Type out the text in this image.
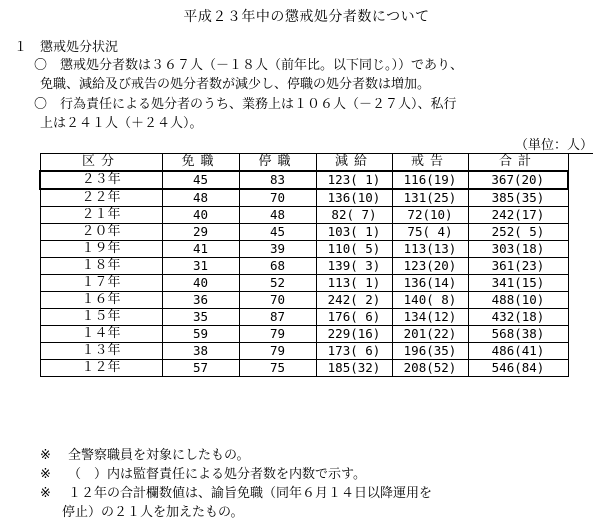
平成２３年中の懲戒処分者数について
１　懲戒処分状況
〇　懲戒処分者数は３６７人（－１８人（前年比。以下同じ。））であり、
免職、減給及び戒告の処分者数が減少し、停職の処分者数は増加。
〇　行為責任による処分者のうち、業務上は１０６人（－２７人）、私行
上は２４１人（＋２４人）。
（単位：人）
区分	免職	停職	減給	戒告	合計
２３年	45	83	123( 1)	116(19)	367(20)
２２年	48	70	136(10)	131(25)	385(35)
２１年	40	48	82( 7)	72(10)	242(17)
２０年	29	45	103( 1)	75( 4)	252( 5)
１９年	41	39	110( 5)	113(13)	303(18)
１８年	31	68	139( 3)	123(20)	361(23)
１７年	40	52	113( 1)	136(14)	341(15)
１６年	36	70	242( 2)	140( 8)	488(10)
１５年	35	87	176( 6)	134(12)	432(18)
１４年	59	79	229(16)	201(22)	568(38)
１３年	38	79	173( 6)	196(35)	486(41)
１２年	57	75	185(32)	208(52)	546(84)
※ 全警察職員を対象にしたもの。
※ （　）内は監督責任による処分者数を内数で示す。
※ １２年の合計欄数値は、諭旨免職（同年６月１４日以降運用を
停止）の２１人を加えたもの。
